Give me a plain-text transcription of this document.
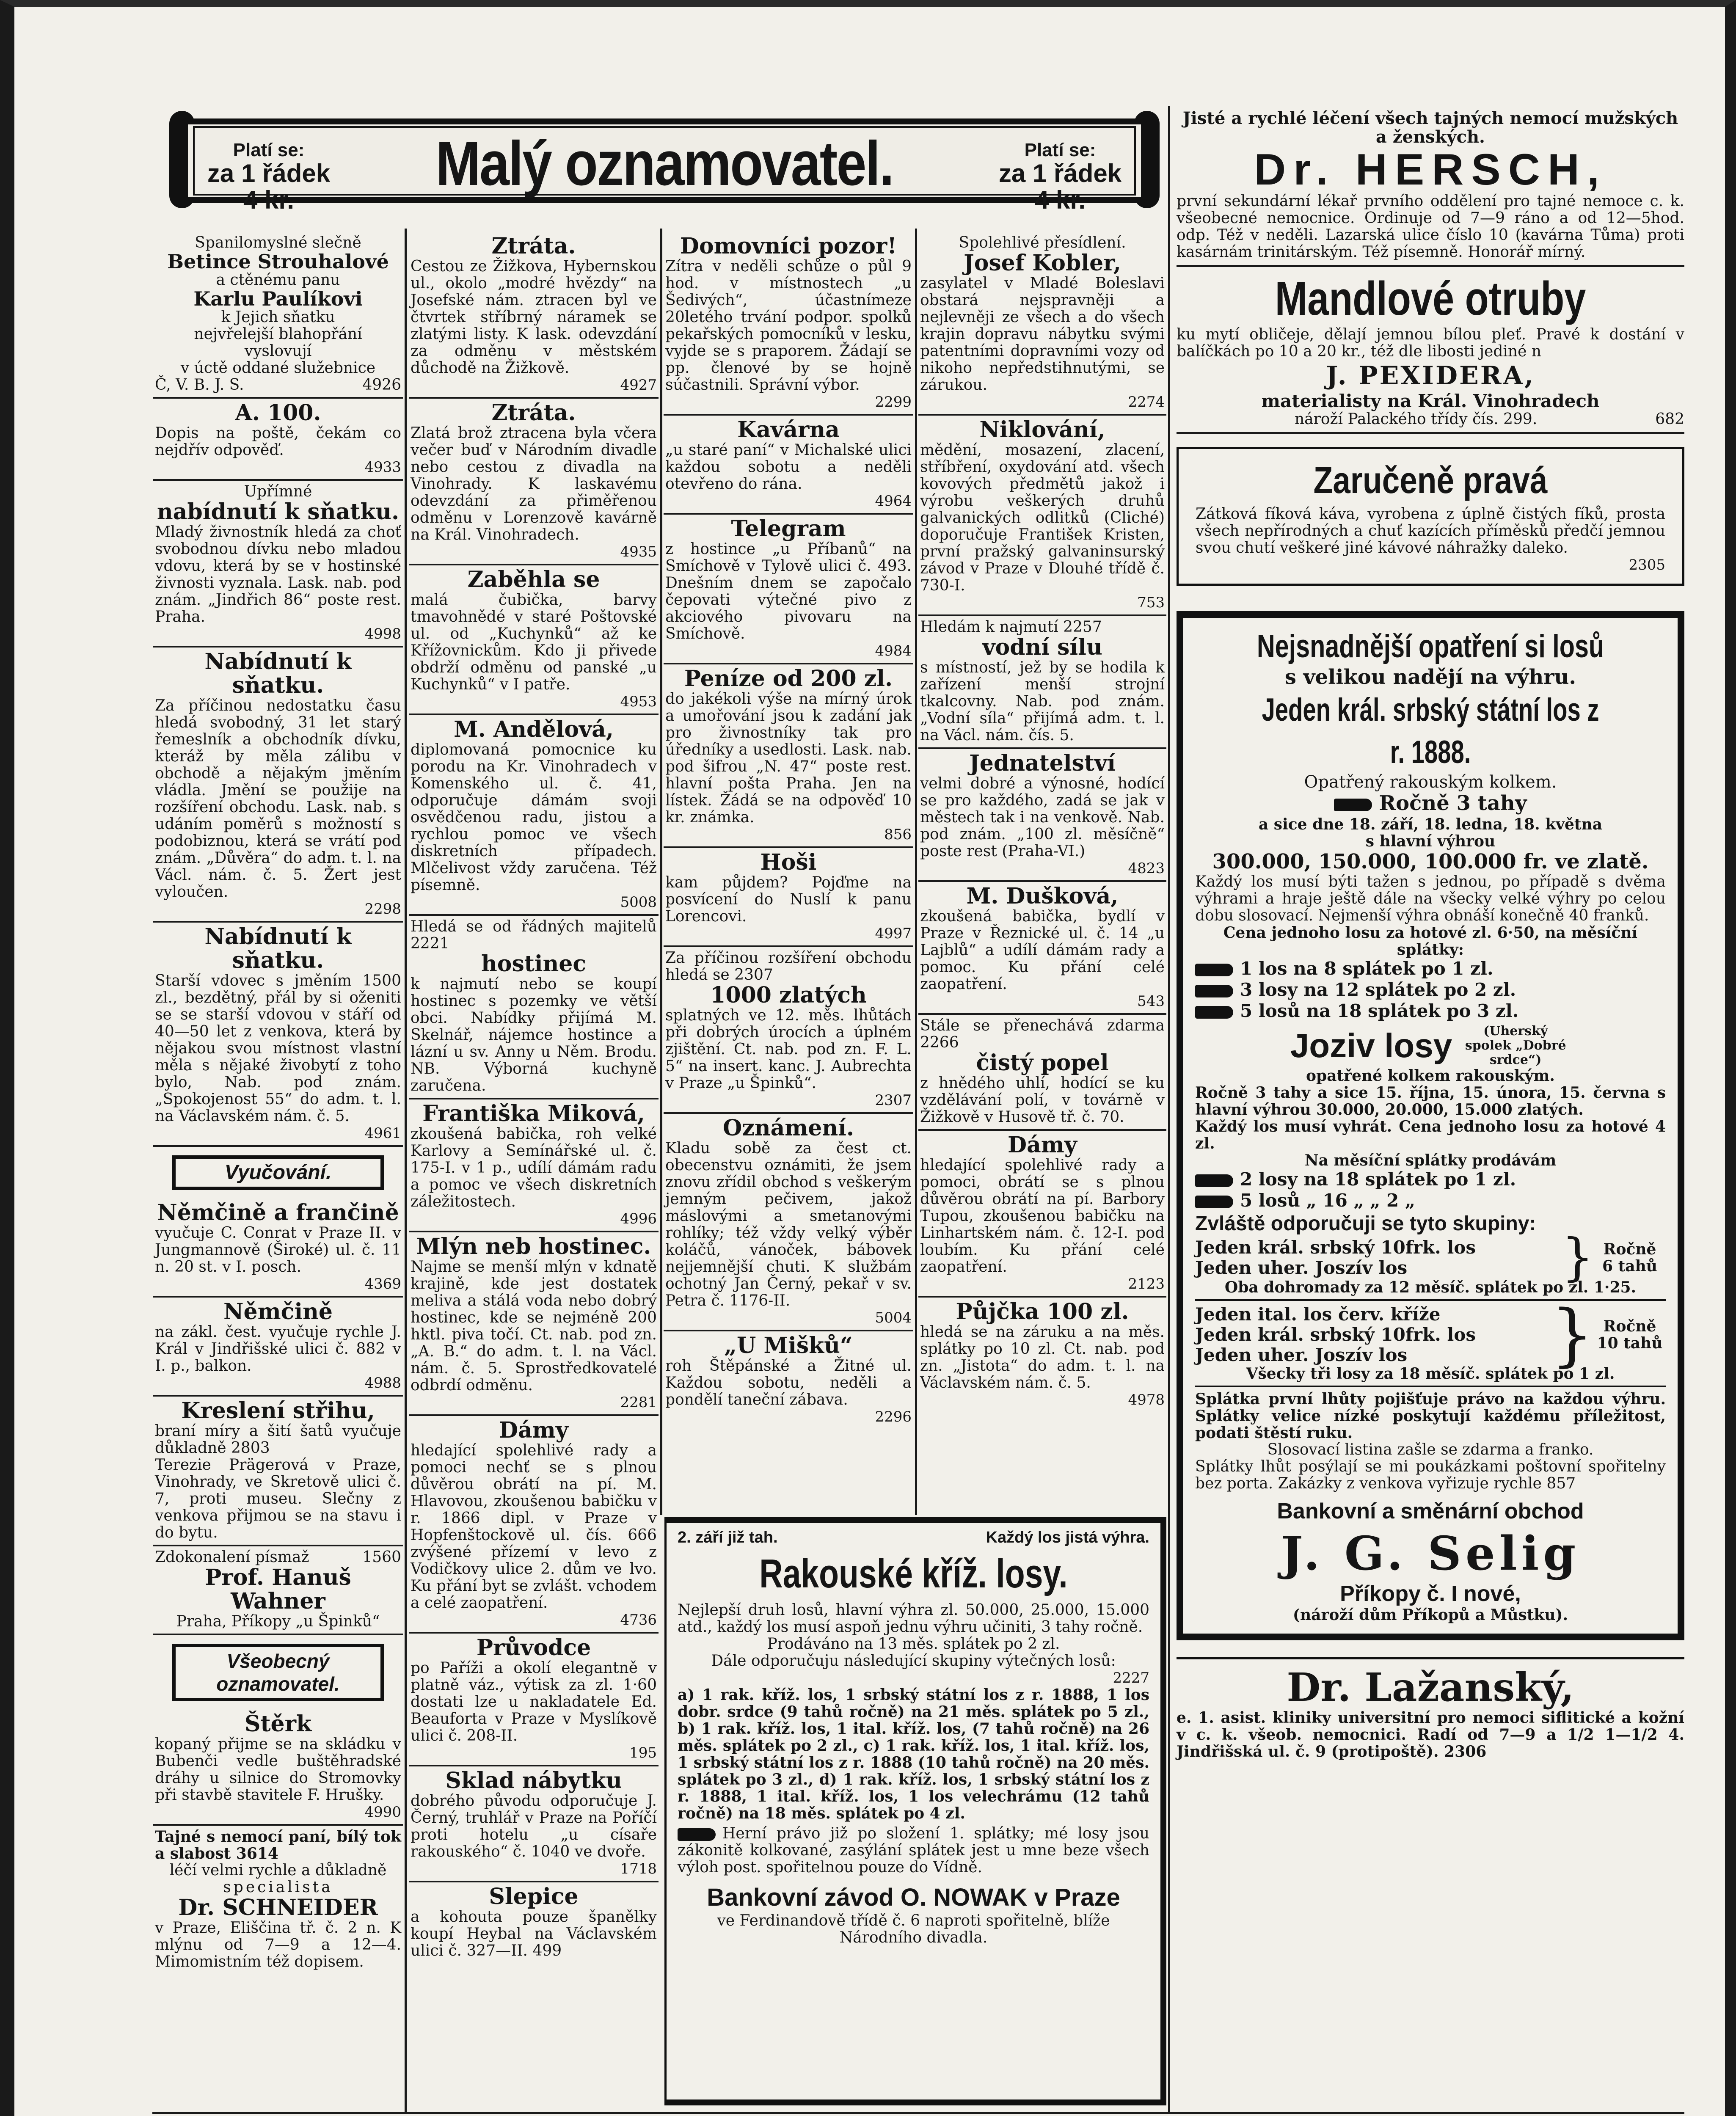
Platí se:
za 1 řádek 4 kr.
Malý oznamovatel.	Platí se:
za 1 řádek 4 kr.
Spanilomyslné slečně
Betince Strouhalové
a ctěnému panu
Karlu Paulíkovi
k Jejich sňatku
nejvřelejší blahopřání
vyslovují
v úctě oddané služebnice
Č, V. B. J. S.	4926
A. 100.

Dopis na poště, čekám co nejdřív odpověď.

4933
Upřímné
nabídnutí k sňatku.

Mladý živnostník hledá za choť svobodnou dívku nebo mladou vdovu, která by se v hostinské živnosti vyznala. Lask. nab. pod znám. „Jindřich 86“ poste rest. Praha.

4998
Nabídnutí k sňatku.

Za příčinou nedostatku času hledá svobodný, 31 let starý řemeslník a obchodník dívku, kteráž by měla zálibu v obchodě a nějakým jměním vládla. Jmění se použije na rozšíření obchodu. Lask. nab. s udáním poměrů s možností s podobiznou, která se vrátí pod znám. „Důvěra“ do adm. t. l. na Václ. nám. č. 5. Žert jest vyloučen.

2298
Nabídnutí k sňatku.

Starší vdovec s jměním 1500 zl., bezdětný, přál by si oženiti se se starší vdovou v stáří od 40—50 let z venkova, která by nějakou svou místnost vlastní měla s nějaké živobytí z toho bylo, Nab. pod znám. „Spokojenost 55“ do adm. t. l. na Václavském nám. č. 5.

4961
Vyučování.
Němčině a frančině

vyučuje C. Conrat v Praze II. v Jungmannově (Široké) ul. č. 11 n. 20 st. v I. posch.

4369
Němčině

na zákl. čest. vyučuje rychle J. Král v Jindřišské ulici č. 882 v I. p., balkon.

4988
Kreslení střihu,

braní míry a šití šatů vyučuje důkladně 2803

Terezie Prägerová v Praze, Vinohrady, ve Skretově ulici č. 7, proti museu. Slečny z venkova přijmou se na stavu i do bytu.

Zdokonalení písmaž	1560
Prof. Hanuš Wahner
Praha, Příkopy „u Špinků“
Všeobecný oznamovatel.
Štěrk

kopaný přijme se na skládku v Bubenči vedle buštěhradské dráhy u silnice do Stromovky při stavbě stavitele F. Hrušky.

4990

Tajné s nemocí paní, bílý tok a slabost 3614

léčí velmi rychle a důkladně
specialista
Dr. SCHNEIDER

v Praze, Eliščina tř. č. 2 n. K mlýnu od 7—9 a 12—4. Mimomistním též dopisem.

Ztráta.

Cestou ze Žižkova, Hybernskou ul., okolo „modré hvězdy“ na Josefské nám. ztracen byl ve čtvrtek stříbrný náramek se zlatými listy. K lask. odevzdání za odměnu v městském důchodě na Žižkově.

4927
Ztráta.

Zlatá brož ztracena byla včera večer buď v Národním divadle nebo cestou z divadla na Vinohrady. K laskavému odevzdání za přiměřenou odměnu v Lorenzově kavárně na Král. Vinohradech.

4935
Zaběhla se

malá čubička, barvy tmavohnědé v staré Poštovské ul. od „Kuchynků“ až ke Křížovnickům. Kdo ji přivede obdrží odměnu od panské „u Kuchynků“ v I patře.

4953
M. Andělová,

diplomovaná pomocnice ku porodu na Kr. Vinohradech v Komenského ul. č. 41, odporučuje dámám svoji osvědčenou radu, jistou a rychlou pomoc ve všech diskretních případech. Mlčelivost vždy zaručena. Též písemně.

5008

Hledá se od řádných majitelů 2221

hostinec

k najmutí nebo se koupí hostinec s pozemky ve větší obci. Nabídky přijímá M. Skelnář, nájemce hostince a lázní u sv. Anny u Něm. Brodu. NB. Výborná kuchyně zaručena.

Františka Miková,

zkoušená babička, roh velké Karlovy a Semínářské ul. č. 175-I. v 1 p., udílí dámám radu a pomoc ve všech diskretních záležitostech.

4996
Mlýn neb hostinec.

Najme se menší mlýn v kdnatě krajině, kde jest dostatek melivа a stálá voda nebo dobrý hostinec, kde se nejméně 200 hktl. piva točí. Ct. nab. pod zn. „A. B.“ do adm. t. l. na Václ. nám. č. 5. Sprostředkovatelé odbrdí odměnu.

2281
Dámy

hledající spolehlivé rady a pomoci nechť se s plnou důvěrou obrátí na pí. M. Hlavovou, zkoušenou babičku v r. 1866 dipl. v Praze v Hopfenštockově ul. čís. 666 zvýšené přízemí v levo z Vodičkovy ulice 2. dům ve lvo. Ku přání byt se zvlášt. vchodem a celé zaopatření.

4736
Průvodce

po Paříži a okolí elegantně v platně váz., výtisk za zl. 1·60 dostati lze u nakladatele Ed. Beauforta v Praze v Myslíkově ulici č. 208-II.

195
Sklad nábytku

dobrého původu odporučuje J. Černý, truhlář v Praze na Poříčí proti hotelu „u císaře rakouského“ č. 1040 ve dvoře.

1718
Slepice

a kohouta pouze španělky koupí Heybal na Václavském ulici č. 327—II. 499

Domovníci pozor!

Zítra v neděli schůze o půl 9 hod. v místnostech „u Šedivých“, účastnímeze 20letého trvání podpor. spolků pekařských pomocníků v lesku, vyjde se s praporem. Žádají se pp. členové by se hojně súčastnili. Správní výbor.

2299
Kavárna

„u staré paní“ v Michalské ulici každou sobotu a neděli otevřeno do rána.

4964
Telegram

z hostince „u Příbanů“ na Smíchově v Tylově ulici č. 493. Dnešním dnem se započalo čepovati výtečné pivo z akciového pivovaru na Smíchově.

4984
Peníze od 200 zl.

do jakékoli výše na mírný úrok a umořování jsou k zadání jak pro živnostníky tak pro úředníky a usedlosti. Lask. nab. pod šifrou „N. 47“ poste rest. hlavní pošta Praha. Jen na lístek. Žádá se na odpověď 10 kr. známka.

856
Hoši

kam půjdem? Pojďme na posvícení do Nuslí k panu Lorencovi.

4997

Za příčinou rozšíření obchodu hledá se 2307

1000 zlatých

splatných ve 12. měs. lhůtách při dobrých úrocích a úplném zjištění. Ct. nab. pod zn. F. L. 5“ na insert. kanc. J. Aubrechta v Praze „u Špinků“.

2307
Oznámení.

Kladu sobě za čest ct. obecenstvu oznámiti, že jsem znovu zřídil obchod s veškerým jemným pečivem, jakož máslovými a smetanovými rohlíky; též vždy velký výběr koláčů, vánoček, bábovek nejjemnější chuti. K službám ochotný Jan Černý, pekař v sv. Petra č. 1176-II.

5004
„U Mišků“

roh Štěpánské a Žitné ul. Každou sobotu, neděli a pondělí taneční zábava.

2296
Spolehlivé přesídlení.
Josef Kobler,

zasylatel v Mladé Boleslavi obstará nejspravněji a nejlevněji ze všech a do všech krajin dopravu nábytku svými patentními dopravními vozy od nikoho nepředstihnutými, se zárukou.

2274
Niklování,

mědění, mosazení, zlacení, stříbření, oxydování atd. všech kovových předmětů jakož i výrobu veškerých druhů galvanických odlitků (Cliché) doporučuje František Kristen, první pražský galvaninsurský závod v Praze v Dlouhé třídě č. 730-I.

753

Hledám k najmutí 2257

vodní sílu

s místností, jež by se hodila k zařízení menší strojní tkalcovny. Nab. pod znám. „Vodní síla“ přijímá adm. t. l. na Václ. nám. čís. 5.

Jednatelství

velmi dobré a výnosné, hodící se pro každého, zadá se jak v městech tak i na venkově. Nab. pod znám. „100 zl. měsíčně“ poste rest (Praha-VI.)

4823
M. Dušková,

zkoušená babička, bydlí v Praze v Řeznické ul. č. 14 „u Lajblů“ a udílí dámám rady a pomoc. Ku přání celé zaopatření.

543

Stále se přenechává zdarma 2266

čistý popel

z hnědého uhlí, hodící se ku vzdělávání polí, v továrně v Žižkově v Husově tř. č. 70.

Dámy

hledající spolehlivé rady a pomoci, obrátí se s plnou důvěrou obrátí na pí. Barbory Tupou, zkoušenou babičku na Linhartském nám. č. 12-I. pod loubím. Ku přání celé zaopatření.

2123
Půjčka 100 zl.

hledá se na záruku a na měs. splátky po 10 zl. Ct. nab. pod zn. „Jistota“ do adm. t. l. na Václavském nám. č. 5.

4978
2. září již tah.	Každý los jistá výhra.
Rakouské kříž. losy.

Nejlepší druh losů, hlavní výhra zl. 50.000, 25.000, 15.000 atd., každý los musí aspoň jednu výhru učiniti, 3 tahy ročně.

Prodáváno na 13 měs. splátek po 2 zl.

Dále odporučuju následující skupiny výtečných losů:

2227

a) 1 rak. kříž. los, 1 srbský státní los z r. 1888, 1 los dobr. srdce (9 tahů ročně) na 21 měs. splátek po 5 zl., b) 1 rak. kříž. los, 1 ital. kříž. los, (7 tahů ročně) na 26 měs. splátek po 2 zl., c) 1 rak. kříž. los, 1 ital. kříž. los, 1 srbský státní los z r. 1888 (10 tahů ročně) na 20 měs. splátek po 3 zl., d) 1 rak. kříž. los, 1 srbský státní los z r. 1888, 1 ital. kříž. los, 1 los velechrámu (12 tahů ročně) na 18 měs. splátek po 4 zl.

Herní právo již po složení 1. splátky; mé losy jsou zákonitě kolkované, zasýlání splátek jest u mne beze všech výloh post. spořitelnou pouze do Vídně.

Bankovní závod O. NOWAK v Praze

ve Ferdinandově třídě č. 6 naproti spořitelně, blíže Národního divadla.

Jisté a rychlé léčení všech tajných nemocí mužských a ženských.
Dr. HERSCH,

první sekundární lékař prvního oddělení pro tajné nemoce c. k. všeobecné nemocnice. Ordinuje od 7—9 ráno a od 12—5hod. odp. Též v neděli. Lazarská ulice číslo 10 (kavárna Tůma) proti kasárnám trinitárským. Též písemně. Honorář mírný.

Mandlové otruby

ku mytí obličeje, dělají jemnou bílou pleť. Pravé k dostání v balíčkách po 10 a 20 kr., též dle libosti jediné n

J. PEXIDERA,
materialisty na Král. Vinohradech
nároží Palackého třídy čís. 299.	682
Zaručeně pravá

Zátková fíková káva, vyrobena z úplně čistých fíků, prosta všech nepřírodných a chuť kazících příměsků předčí jemnou svou chutí veškeré jiné kávové náhražky daleko.

2305
Nejsnadnější opatření si losů
s velikou nadějí na výhru.
Jeden král. srbský státní los z r. 1888.
Opatřený rakouským kolkem.
Ročně 3 tahy
a sice dne 18. září, 18. ledna, 18. května
s hlavní výhrou
300.000, 150.000, 100.000 fr. ve zlatě.

Každý los musí býti tažen s jednou, po případě s dvěma výhrami a hraje ještě dále na všecky velké výhry po celou dobu slosovací. Nejmenší výhra obnáší konečně 40 franků.

Cena jednoho losu za hotové zl. 6·50, na měsíční splátky:
1 los na 8 splátek po 1 zl.
3 losy na 12 splátek po 2 zl.
5 losů na 18 splátek po 3 zl.
Joziv losy	(Uherský spolek „Dobré srdce“)
opatřené kolkem rakouským.

Ročně 3 tahy a sice 15. října, 15. února, 15. června s hlavní výhrou 30.000, 20.000, 15.000 zlatých.

Každý los musí vyhrát. Cena jednoho losu za hotové 4 zl.

Na měsíční splátky prodávám
2 losy na 18 splátek po 1 zl.
5 losů „ 16 „ „ 2 „
Zvláště odporučuji se tyto skupiny:
Jeden král. srbský 10frk. los
Jeden uher. Joszív los	} Ročně
6 tahů
Oba dohromady za 12 měsíč. splátek po zl. 1·25.
Jeden ital. los červ. kříže
Jeden král. srbský 10frk. los
Jeden uher. Joszív los	} Ročně
10 tahů
Všecky tři losy za 18 měsíč. splátek po 1 zl.

Splátka první lhůty pojišťuje právo na každou výhru. Splátky velice nízké poskytují každému příležitost, podati štěstí ruku.

Slosovací listina zašle se zdarma a franko.

Splátky lhůt posýlají se mi poukázkami poštovní spořitelny bez porta. Zakázky z venkova vyřizuje rychle 857

Bankovní a směnární obchod
J. G. Selig
Příkopy č. I nové,
(nároží dům Příkopů a Můstku).
Dr. Lažanský,

e. 1. asist. kliniky universitní pro nemoci siflitické a kožní v c. k. všeob. nemocnici. Radí od 7—9 a 1/2 1—1/2 4. Jindřišská ul. č. 9 (protipoště). 2306
